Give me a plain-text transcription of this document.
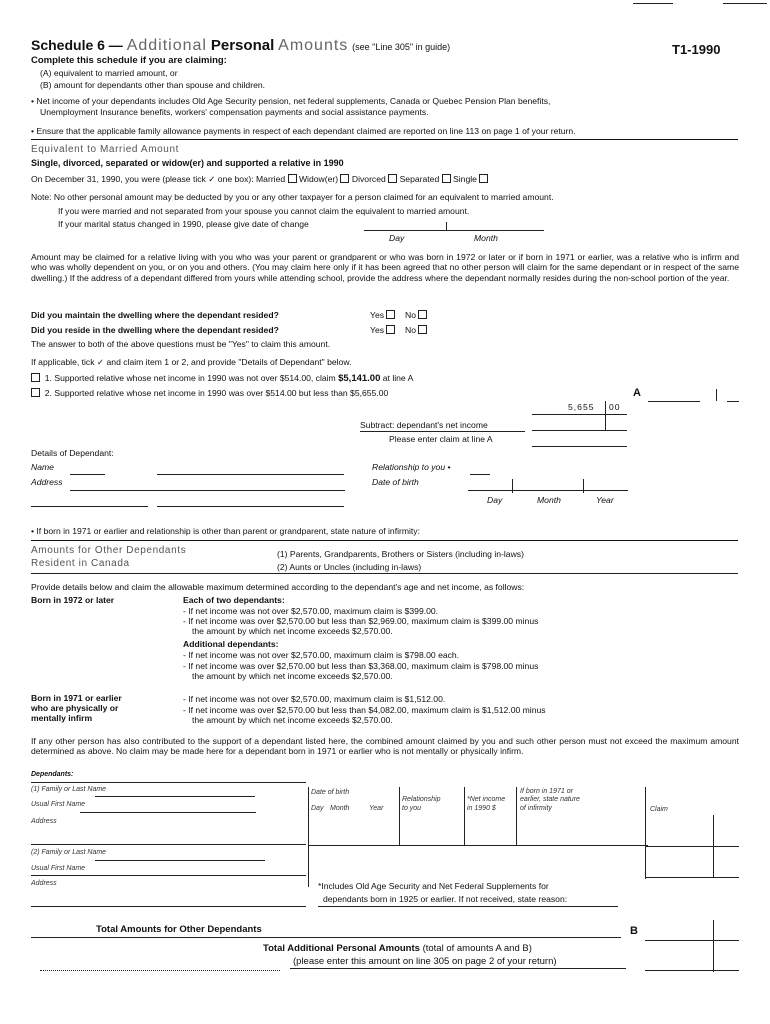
Schedule 6 — Additional Personal Amounts (see "Line 305" in guide)	T1-1990
Complete this schedule if you are claiming:
(A) equivalent to married amount, or
(B) amount for dependants other than spouse and children.
• Net income of your dependants includes Old Age Security pension, net federal supplements, Canada or Quebec Pension Plan benefits,
Unemployment Insurance benefits, workers' compensation payments and social assistance payments.
• Ensure that the applicable family allowance payments in respect of each dependant claimed are reported on line 113 on page 1 of your return.
Equivalent to Married Amount
Single, divorced, separated or widow(er) and supported a relative in 1990
On December 31, 1990, you were (please tick ✓ one box): Married Widow(er) Divorced Separated Single
Note: No other personal amount may be deducted by you or any other taxpayer for a person claimed for an equivalent to married amount.
If you were married and not separated from your spouse you cannot claim the equivalent to married amount.
If your marital status changed in 1990, please give date of change
Day	Month
Amount may be claimed for a relative living with you who was your parent or grandparent or who was born in 1972 or later or if born in 1971 or earlier, was a relative who is infirm and who was wholly dependent on you, or on you and others. (You may claim here only if it has been agreed that no other person will claim for the same dependant or in respect of the same dwelling.) If the address of a dependant differed from yours while attending school, provide the address where the dependant normally resides during the non-school portion of the year.
Did you maintain the dwelling where the dependant resided?	Yes No
Did you reside in the dwelling where the dependant resided?	Yes No
The answer to both of the above questions must be "Yes" to claim this amount.
If applicable, tick ✓ and claim item 1 or 2, and provide "Details of Dependant" below.
1. Supported relative whose net income in 1990 was not over $514.00, claim $5,141.00 at line A
2. Supported relative whose net income in 1990 was over $514.00 but less than $5,655.00	A
5,655 00
Subtract: dependant's net income
Please enter claim at line A
Details of Dependant:
Name
Address
Relationship to you •
Date of birth
Day	Month	Year
• If born in 1971 or earlier and relationship is other than parent or grandparent, state nature of infirmity:
Amounts for Other Dependants
Resident in Canada
(1) Parents, Grandparents, Brothers or Sisters (including in-laws)
(2) Aunts or Uncles (including in-laws)
Provide details below and claim the allowable maximum determined according to the dependant's age and net income, as follows:
Born in 1972 or later	Each of two dependants:
- If net income was not over $2,570.00, maximum claim is $399.00.
- If net income was over $2,570.00 but less than $2,969.00, maximum claim is $399.00 minus
the amount by which net income exceeds $2,570.00.
Additional dependants:
- If net income was not over $2,570.00, maximum claim is $798.00 each.
- If net income was over $2,570.00 but less than $3,368.00, maximum claim is $798.00 minus
the amount by which net income exceeds $2,570.00.
Born in 1971 or earlier
who are physically or
mentally infirm
- If net income was not over $2,570.00, maximum claim is $1,512.00.
- If net income was over $2,570.00 but less than $4,082.00, maximum claim is $1,512.00 minus
the amount by which net income exceeds $2,570.00.
If any other person has also contributed to the support of a dependant listed here, the combined amount claimed by you and such other person must not exceed the maximum amount determined as above. No claim may be made here for a dependant born in 1971 or earlier who is not mentally or physically infirm.
Dependants:
(1) Family or Last Name
Usual First Name
Address
(2) Family or Last Name
Usual First Name
Address
Date of birth
Day Month	Year
Relationship
to you
*Net income
in 1990 $
If born in 1971 or
earlier, state nature
of infirmity	Claim
*Includes Old Age Security and Net Federal Supplements for
dependants born in 1925 or earlier. If not received, state reason:
Total Amounts for Other Dependants	B
Total Additional Personal Amounts (total of amounts A and B)
(please enter this amount on line 305 on page 2 of your return)
